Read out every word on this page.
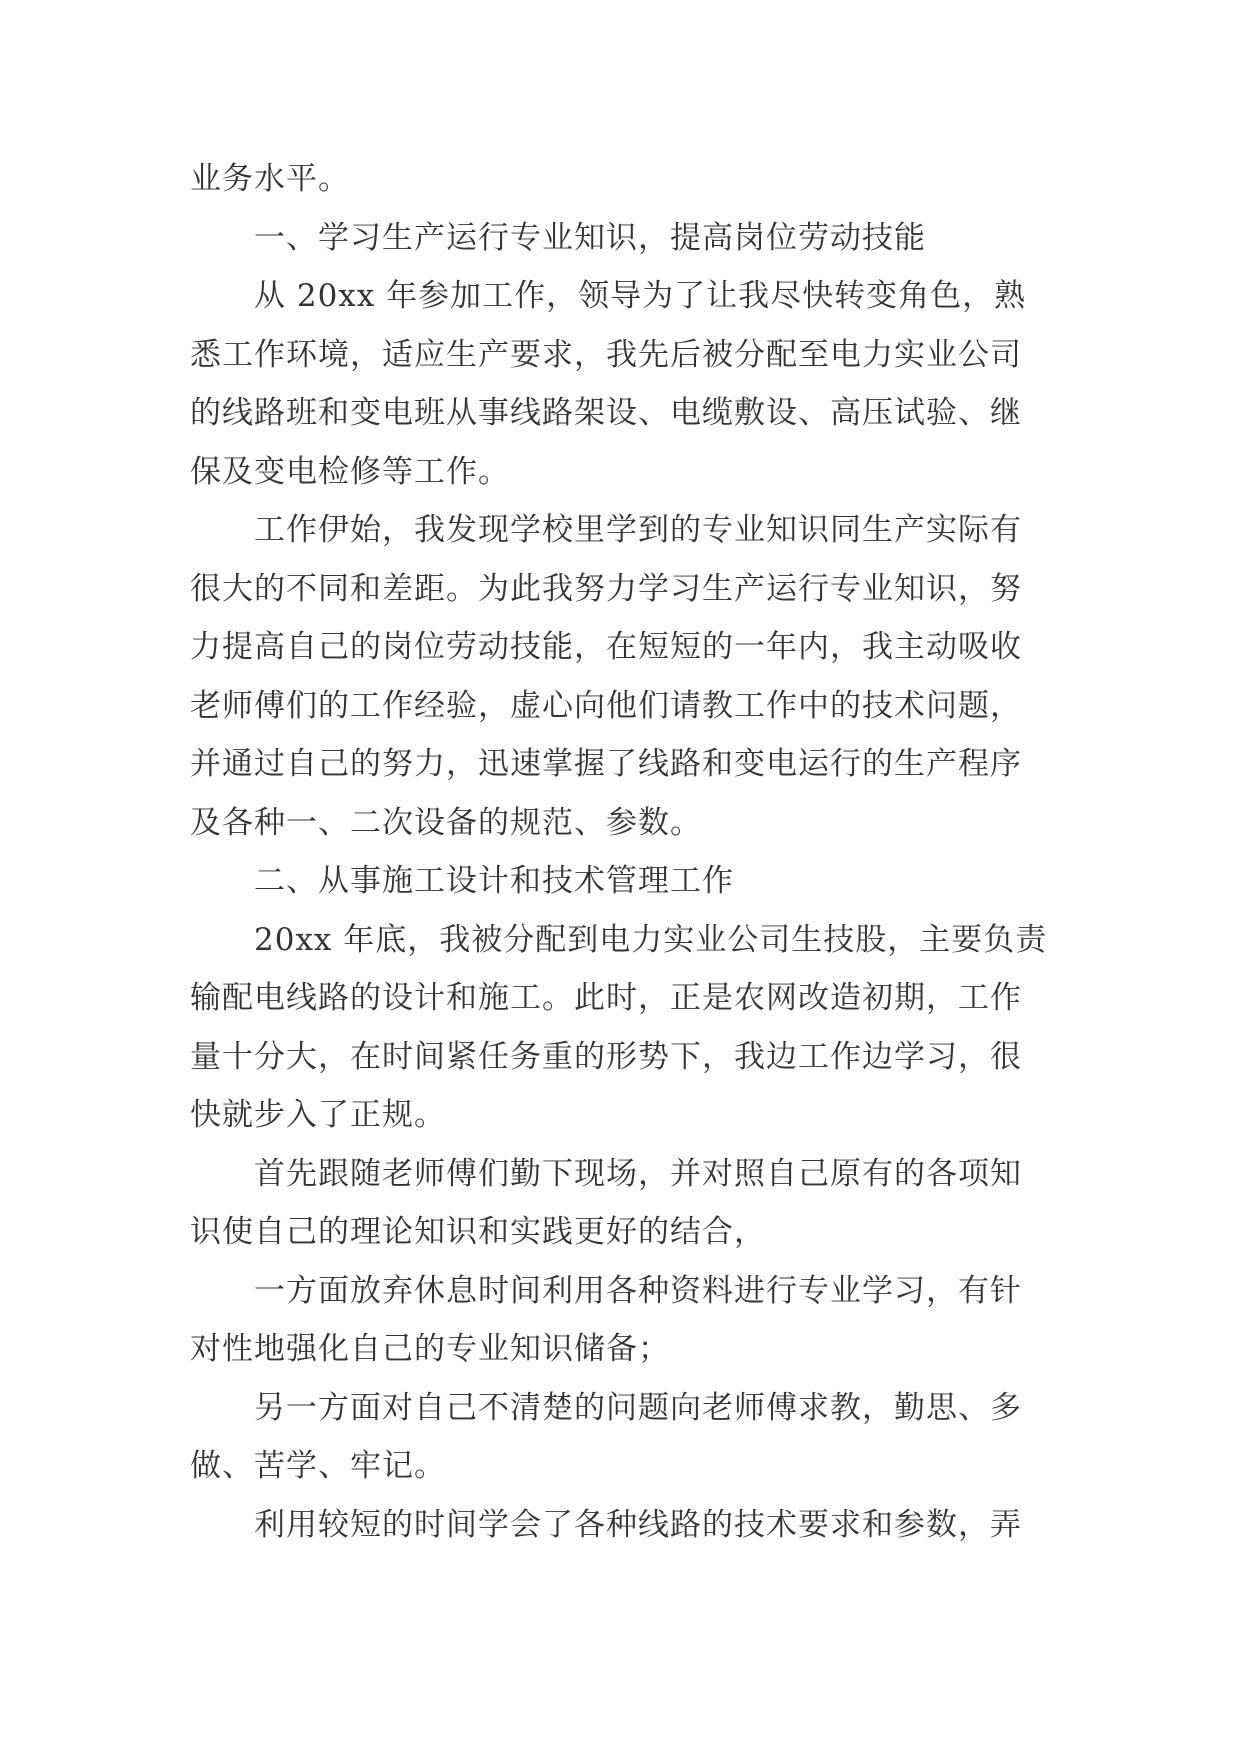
业务水平。
一、学习生产运行专业知识，提高岗位劳动技能
从 20xx 年参加工作，领导为了让我尽快转变角色，熟
悉工作环境，适应生产要求，我先后被分配至电力实业公司
的线路班和变电班从事线路架设、电缆敷设、高压试验、继
保及变电检修等工作。
工作伊始，我发现学校里学到的专业知识同生产实际有
很大的不同和差距。为此我努力学习生产运行专业知识，努
力提高自己的岗位劳动技能，在短短的一年内，我主动吸收
老师傅们的工作经验，虚心向他们请教工作中的技术问题，
并通过自己的努力，迅速掌握了线路和变电运行的生产程序
及各种一、二次设备的规范、参数。
二、从事施工设计和技术管理工作
20xx 年底，我被分配到电力实业公司生技股，主要负责
输配电线路的设计和施工。此时，正是农网改造初期，工作
量十分大，在时间紧任务重的形势下，我边工作边学习，很
快就步入了正规。
首先跟随老师傅们勤下现场，并对照自己原有的各项知
识使自己的理论知识和实践更好的结合，
一方面放弃休息时间利用各种资料进行专业学习，有针
对性地强化自己的专业知识储备；
另一方面对自己不清楚的问题向老师傅求教，勤思、多
做、苦学、牢记。
利用较短的时间学会了各种线路的技术要求和参数，弄
